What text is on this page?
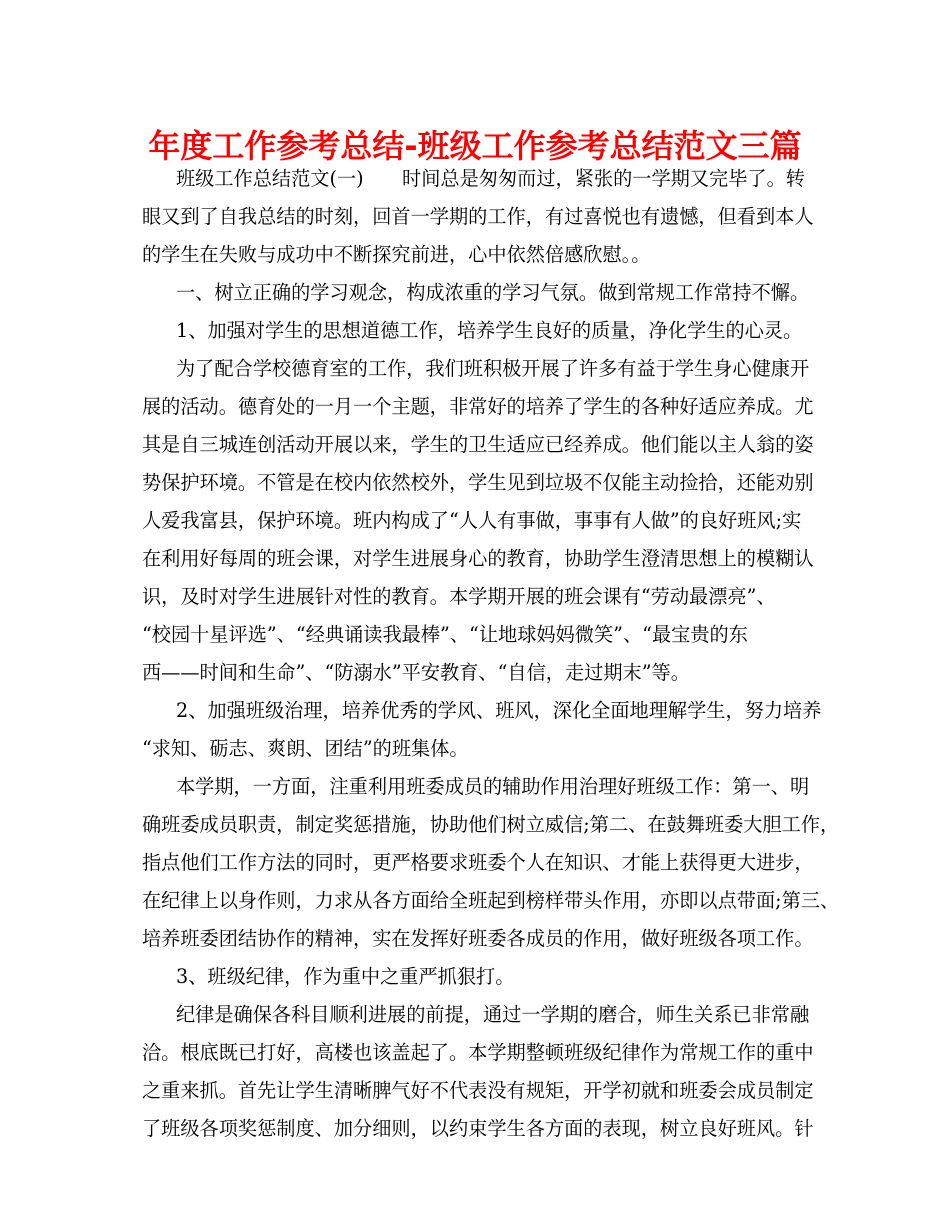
年度工作参考总结-班级工作参考总结范文三篇
班级工作总结范文(一)　　时间总是匆匆而过，紧张的一学期又完毕了。转
眼又到了自我总结的时刻，回首一学期的工作，有过喜悦也有遗憾，但看到本人
的学生在失败与成功中不断探究前进，心中依然倍感欣慰。。
一、树立正确的学习观念，构成浓重的学习气氛。做到常规工作常持不懈。
1、加强对学生的思想道德工作，培养学生良好的质量，净化学生的心灵。
为了配合学校德育室的工作，我们班积极开展了许多有益于学生身心健康开
展的活动。德育处的一月一个主题，非常好的培养了学生的各种好适应养成。尤
其是自三城连创活动开展以来，学生的卫生适应已经养成。他们能以主人翁的姿
势保护环境。不管是在校内依然校外，学生见到垃圾不仅能主动捡拾，还能劝别
人爱我富县，保护环境。班内构成了“人人有事做，事事有人做”的良好班风;实
在利用好每周的班会课，对学生进展身心的教育，协助学生澄清思想上的模糊认
识，及时对学生进展针对性的教育。本学期开展的班会课有“劳动最漂亮”、
“校园十星评选”、“经典诵读我最棒”、“让地球妈妈微笑”、“最宝贵的东
西——时间和生命”、“防溺水”平安教育、“自信，走过期末”等。
2、加强班级治理，培养优秀的学风、班风，深化全面地理解学生，努力培养
“求知、砺志、爽朗、团结”的班集体。
本学期，一方面，注重利用班委成员的辅助作用治理好班级工作：第一、明
确班委成员职责，制定奖惩措施，协助他们树立威信;第二、在鼓舞班委大胆工作，
指点他们工作方法的同时，更严格要求班委个人在知识、才能上获得更大进步，
在纪律上以身作则，力求从各方面给全班起到榜样带头作用，亦即以点带面;第三、
培养班委团结协作的精神，实在发挥好班委各成员的作用，做好班级各项工作。
3、班级纪律，作为重中之重严抓狠打。
纪律是确保各科目顺利进展的前提，通过一学期的磨合，师生关系已非常融
洽。根底既已打好，高楼也该盖起了。本学期整顿班级纪律作为常规工作的重中
之重来抓。首先让学生清晰脾气好不代表没有规矩，开学初就和班委会成员制定
了班级各项奖惩制度、加分细则，以约束学生各方面的表现，树立良好班风。针
